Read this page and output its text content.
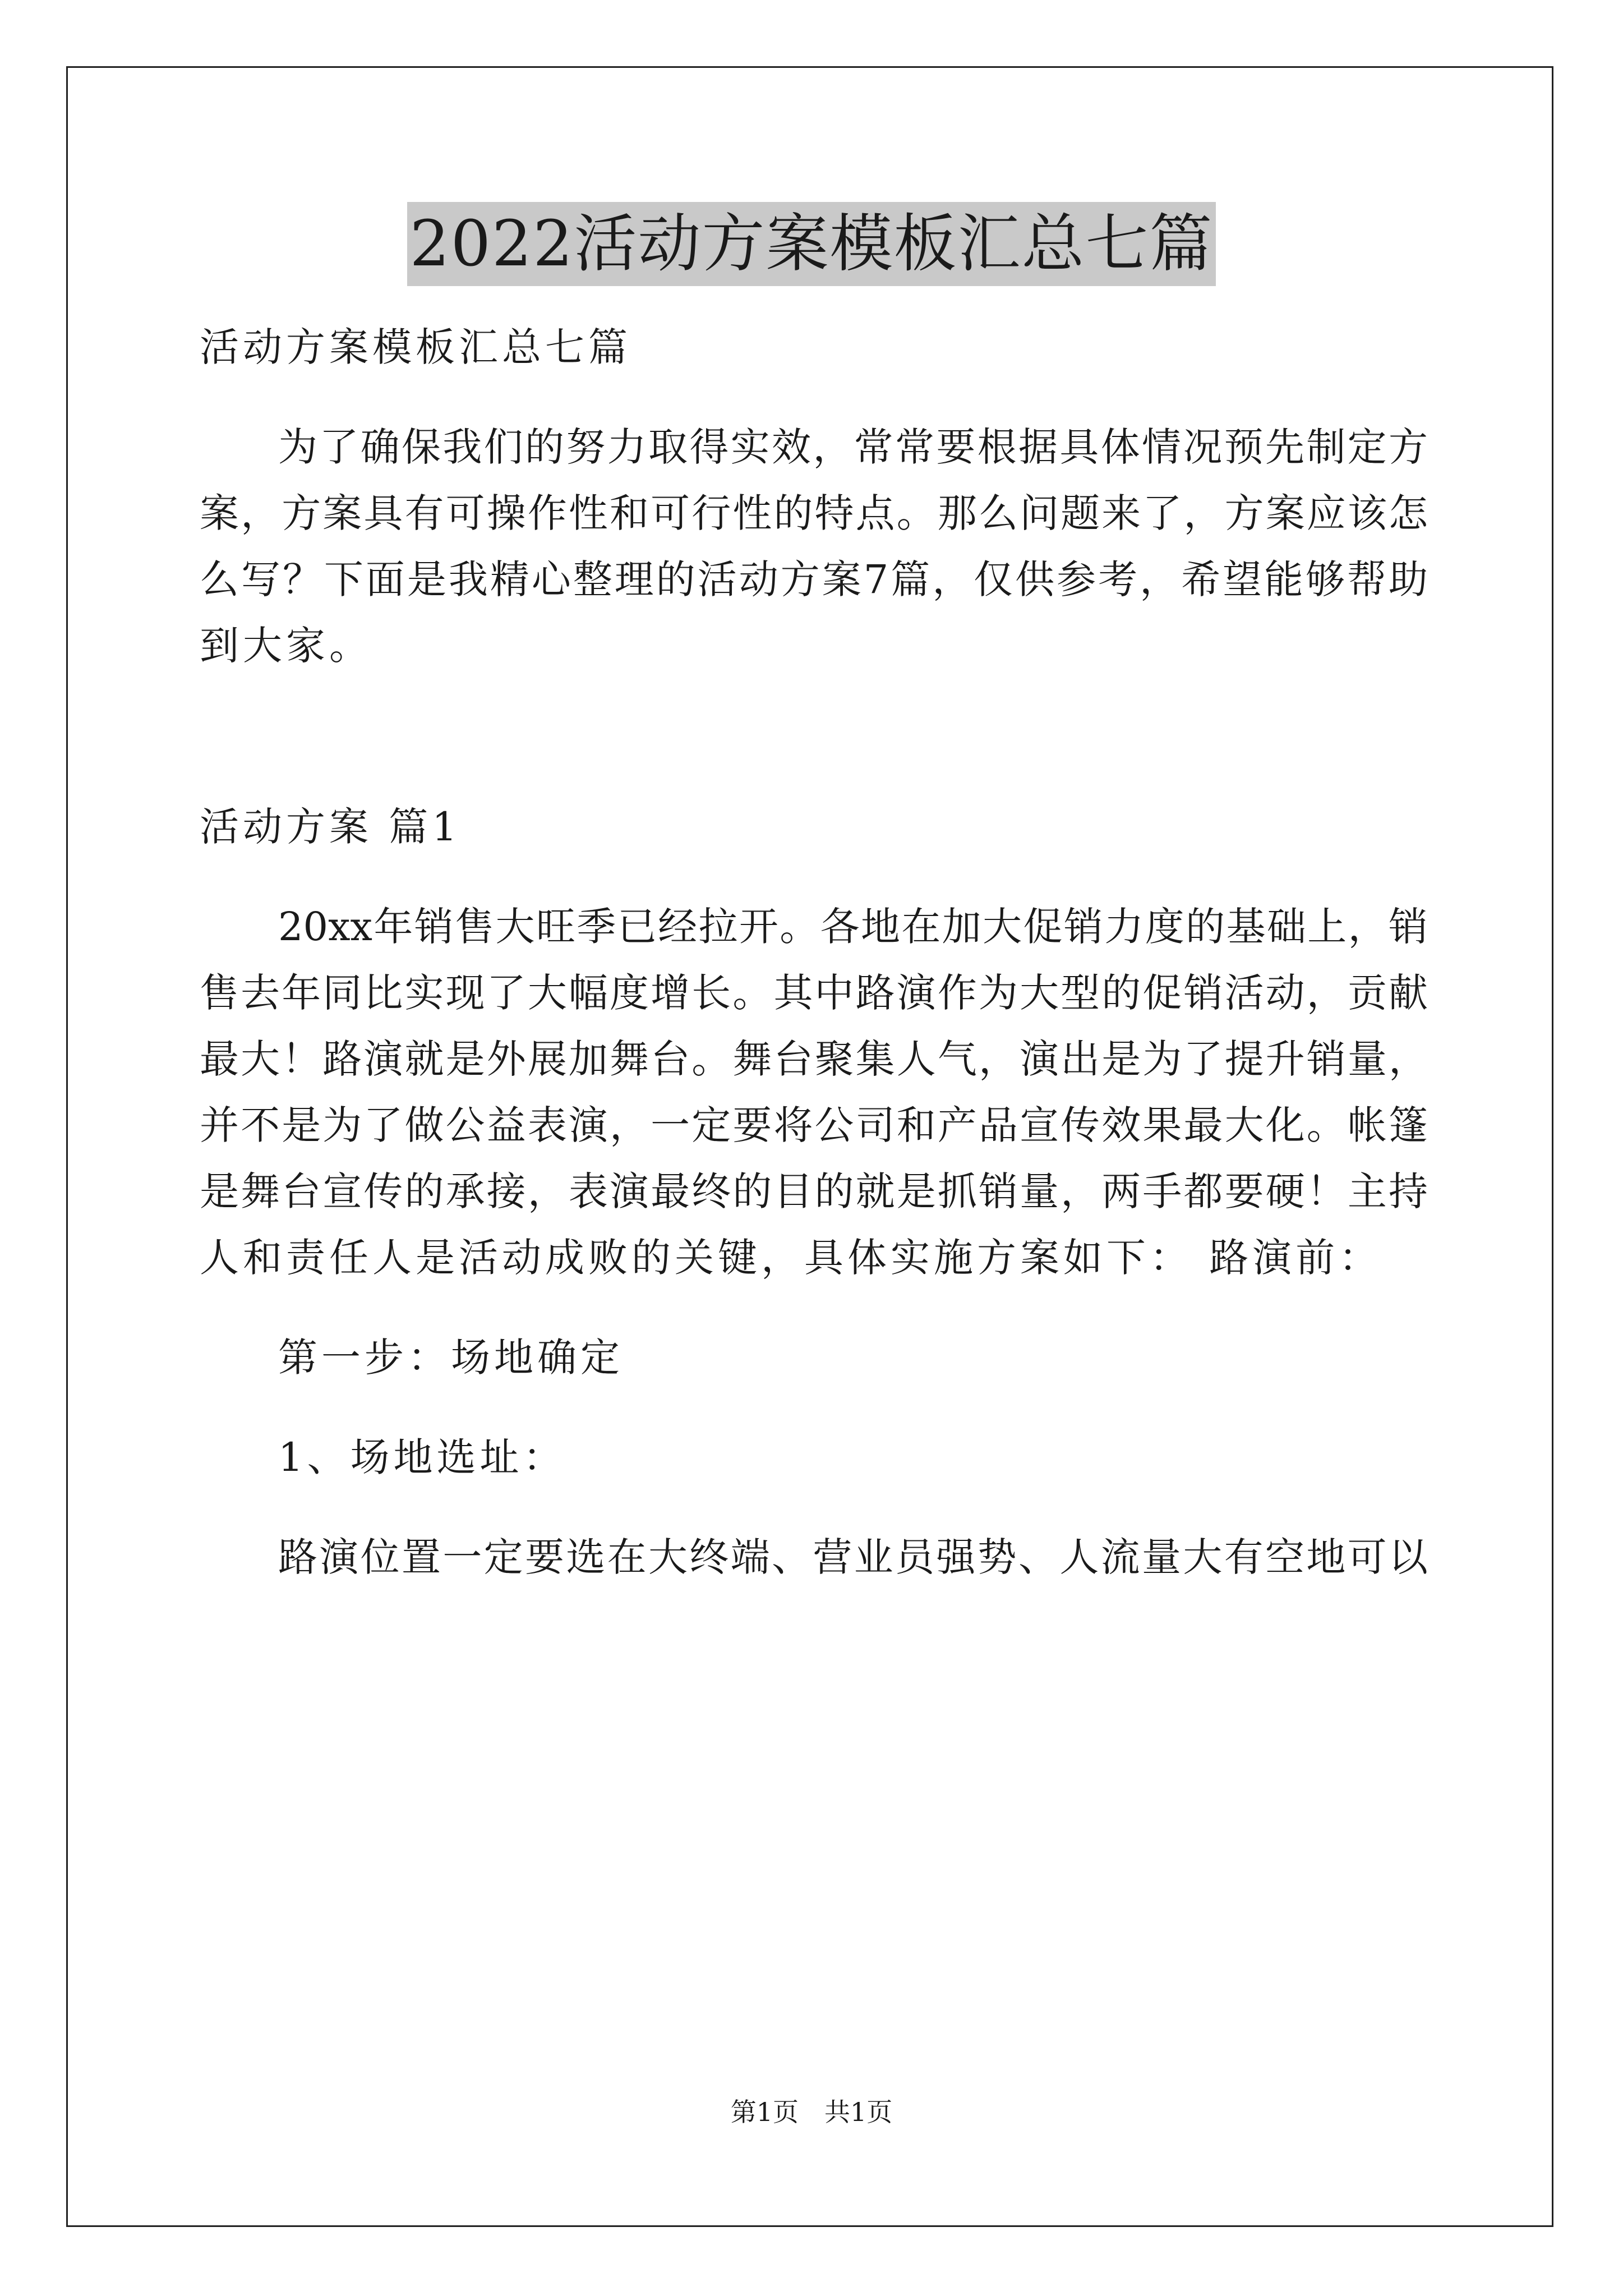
2022活动方案模板汇总七篇
活动方案模板汇总七篇
为了确保我们的努力取得实效，常常要根据具体情况预先制定方
案，方案具有可操作性和可行性的特点。那么问题来了，方案应该怎
么写？下面是我精心整理的活动方案7篇，仅供参考，希望能够帮助
到大家。
活动方案 篇1
20xx年销售大旺季已经拉开。各地在加大促销力度的基础上，销
售去年同比实现了大幅度增长。其中路演作为大型的促销活动，贡献
最大！路演就是外展加舞台。舞台聚集人气，演出是为了提升销量，
并不是为了做公益表演，一定要将公司和产品宣传效果最大化。帐篷
是舞台宣传的承接，表演最终的目的就是抓销量，两手都要硬！主持
人和责任人是活动成败的关键，具体实施方案如下： 路演前：
第一步：场地确定
1、场地选址：
路演位置一定要选在大终端、营业员强势、人流量大有空地可以
第1页　共1页
